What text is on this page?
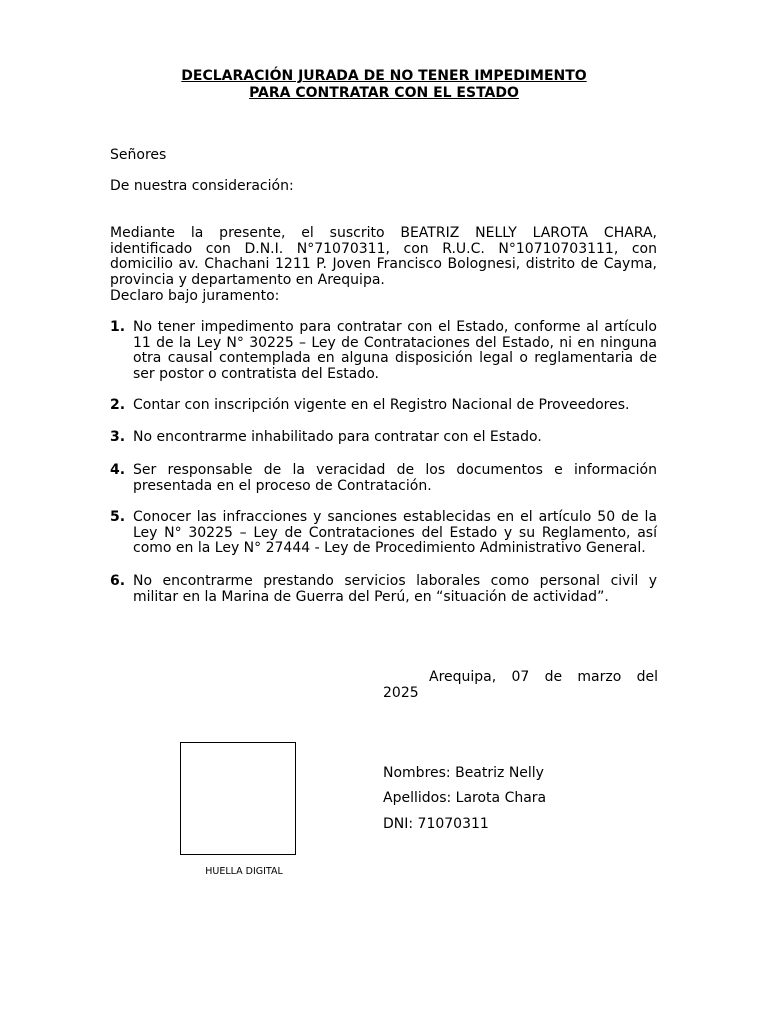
DECLARACIÓN JURADA DE NO TENER IMPEDIMENTO
PARA CONTRATAR CON EL ESTADO
Señores
De nuestra consideración:
Mediante la presente, el suscrito BEATRIZ NELLY LAROTA CHARA,
identificado con D.N.I. N°71070311, con R.U.C. N°10710703111, con
domicilio av. Chachani 1211 P. Joven Francisco Bolognesi, distrito de Cayma,
provincia y departamento en Arequipa.
Declaro bajo juramento:
1. No tener impedimento para contratar con el Estado, conforme al artículo
11 de la Ley N° 30225 – Ley de Contrataciones del Estado, ni en ninguna
otra causal contemplada en alguna disposición legal o reglamentaria de
ser postor o contratista del Estado.
2. Contar con inscripción vigente en el Registro Nacional de Proveedores.
3. No encontrarme inhabilitado para contratar con el Estado.
4. Ser responsable de la veracidad de los documentos e información
presentada en el proceso de Contratación.
5. Conocer las infracciones y sanciones establecidas en el artículo 50 de la
Ley N° 30225 – Ley de Contrataciones del Estado y su Reglamento, así
como en la Ley N° 27444 - Ley de Procedimiento Administrativo General.
6. No encontrarme prestando servicios laborales como personal civil y
militar en la Marina de Guerra del Perú, en “situación de actividad”.
Arequipa, 07 de marzo del
2025
HUELLA DIGITAL
Nombres: Beatriz Nelly
Apellidos: Larota Chara
DNI: 71070311
